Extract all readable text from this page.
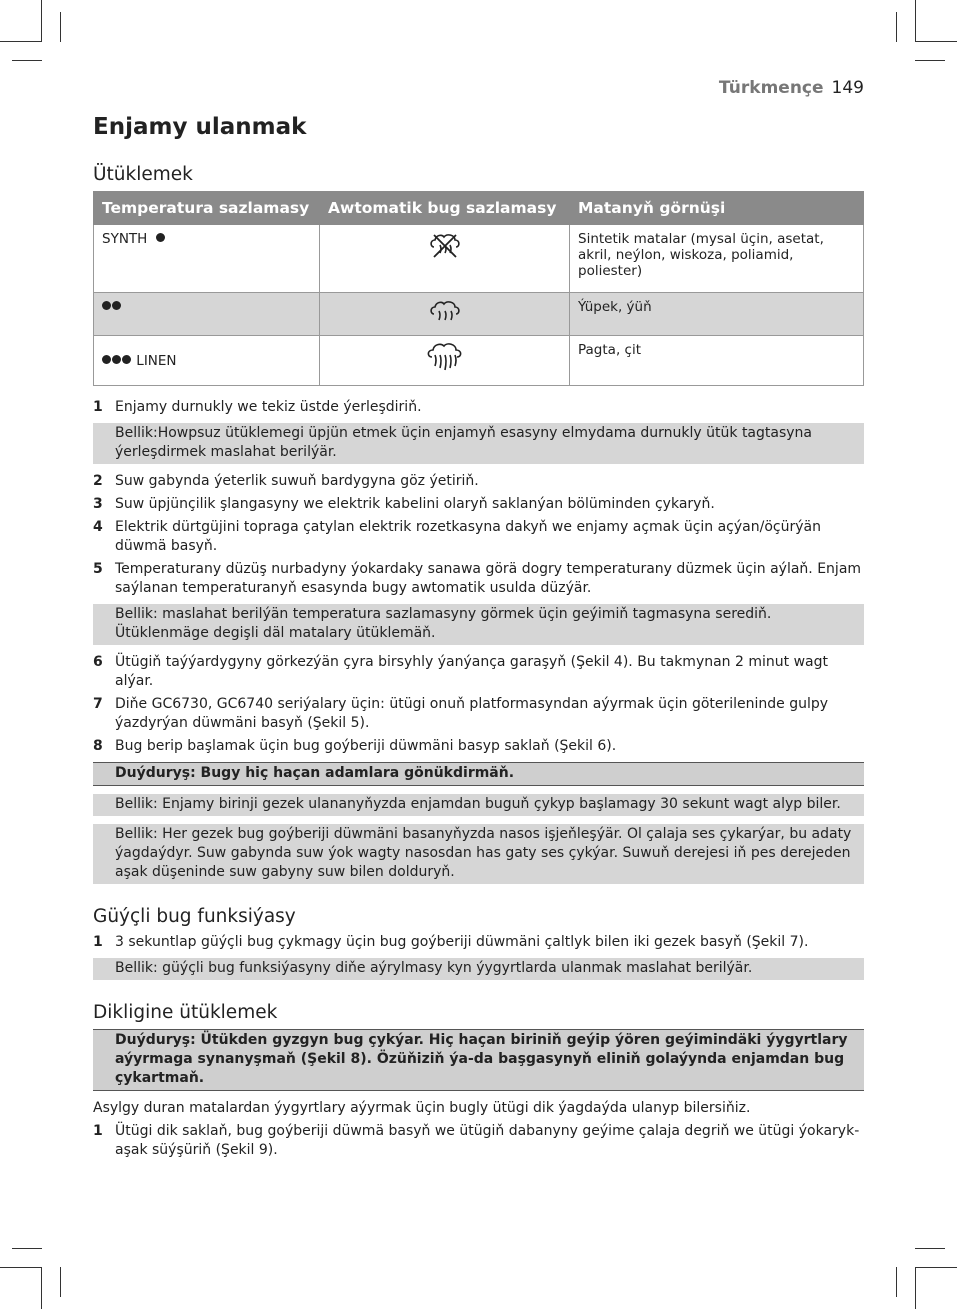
Türkmençe 149
Enjamy ulanmak
Ütüklemek
Temperatura sazlamasy	Awtomatik bug sazlamasy	Matanyň görnüşi
SYNTH		Sintetik matalar (mysal üçin, asetat, akril, neýlon, wiskoza, poliamid, poliester)
		Ýüpek, ýüň
LINEN		Pagta, çit
1 Enjamy durnukly we tekiz üstde ýerleşdiriň.
Bellik:Howpsuz ütüklemegi üpjün etmek üçin enjamyň esasyny elmydama durnukly ütük tagtasyna ýerleşdirmek maslahat berilýär.
2 Suw gabynda ýeterlik suwuň bardygyna göz ýetiriň.
3 Suw üpjünçilik şlangasyny we elektrik kabelini olaryň saklanýan bölüminden çykaryň.
4 Elektrik dürtgüjini topraga çatylan elektrik rozetkasyna dakyň we enjamy açmak üçin açýan/öçürýän düwmä basyň.
5 Temperaturany düzüş nurbadyny ýokardaky sanawa görä dogry temperaturany düzmek üçin aýlaň. Enjam saýlanan temperaturanyň esasynda bugy awtomatik usulda düzýär.
Bellik: maslahat berilýän temperatura sazlamasyny görmek üçin geýimiň tagmasyna serediň. Ütüklenmäge degişli däl matalary ütüklemäň.
6 Ütügiň taýýardygyny görkezýän çyra birsyhly ýanýança garaşyň (Şekil 4). Bu takmynan 2 minut wagt alýar.
7 Diňe GC6730, GC6740 seriýalary üçin: ütügi onuň platformasyndan aýyrmak üçin göterileninde gulpy ýazdyrýan düwmäni basyň (Şekil 5).
8 Bug berip başlamak üçin bug goýberiji düwmäni basyp saklaň (Şekil 6).
Duýduryş: Bugy hiç haçan adamlara gönükdirmäň.
Bellik: Enjamy birinji gezek ulananyňyzda enjamdan buguň çykyp başlamagy 30 sekunt wagt alyp biler.
Bellik: Her gezek bug goýberiji düwmäni basanyňyzda nasos işjeňleşýär. Ol çalaja ses çykarýar, bu adaty ýagdaýdyr. Suw gabynda suw ýok wagty nasosdan has gaty ses çykýar. Suwuň derejesi iň pes derejeden aşak düşeninde suw gabyny suw bilen dolduryň.
Güýçli bug funksiýasy
1 3 sekuntlap güýçli bug çykmagy üçin bug goýberiji düwmäni çaltlyk bilen iki gezek basyň (Şekil 7).
Bellik: güýçli bug funksiýasyny diňe aýrylmasy kyn ýygyrtlarda ulanmak maslahat berilýär.
Dikligine ütüklemek
Duýduryş: Ütükden gyzgyn bug çykýar. Hiç haçan biriniň geýip ýören geýimindäki ýygyrtlary aýyrmaga synanyşmaň (Şekil 8). Özüňiziň ýa-da başgasynyň eliniň golaýynda enjamdan bug çykartmaň.
Asylgy duran matalardan ýygyrtlary aýyrmak üçin bugly ütügi dik ýagdaýda ulanyp bilersiňiz.
1 Ütügi dik saklaň, bug goýberiji düwmä basyň we ütügiň dabanyny geýime çalaja degriň we ütügi ýokaryk-aşak süýşüriň (Şekil 9).
